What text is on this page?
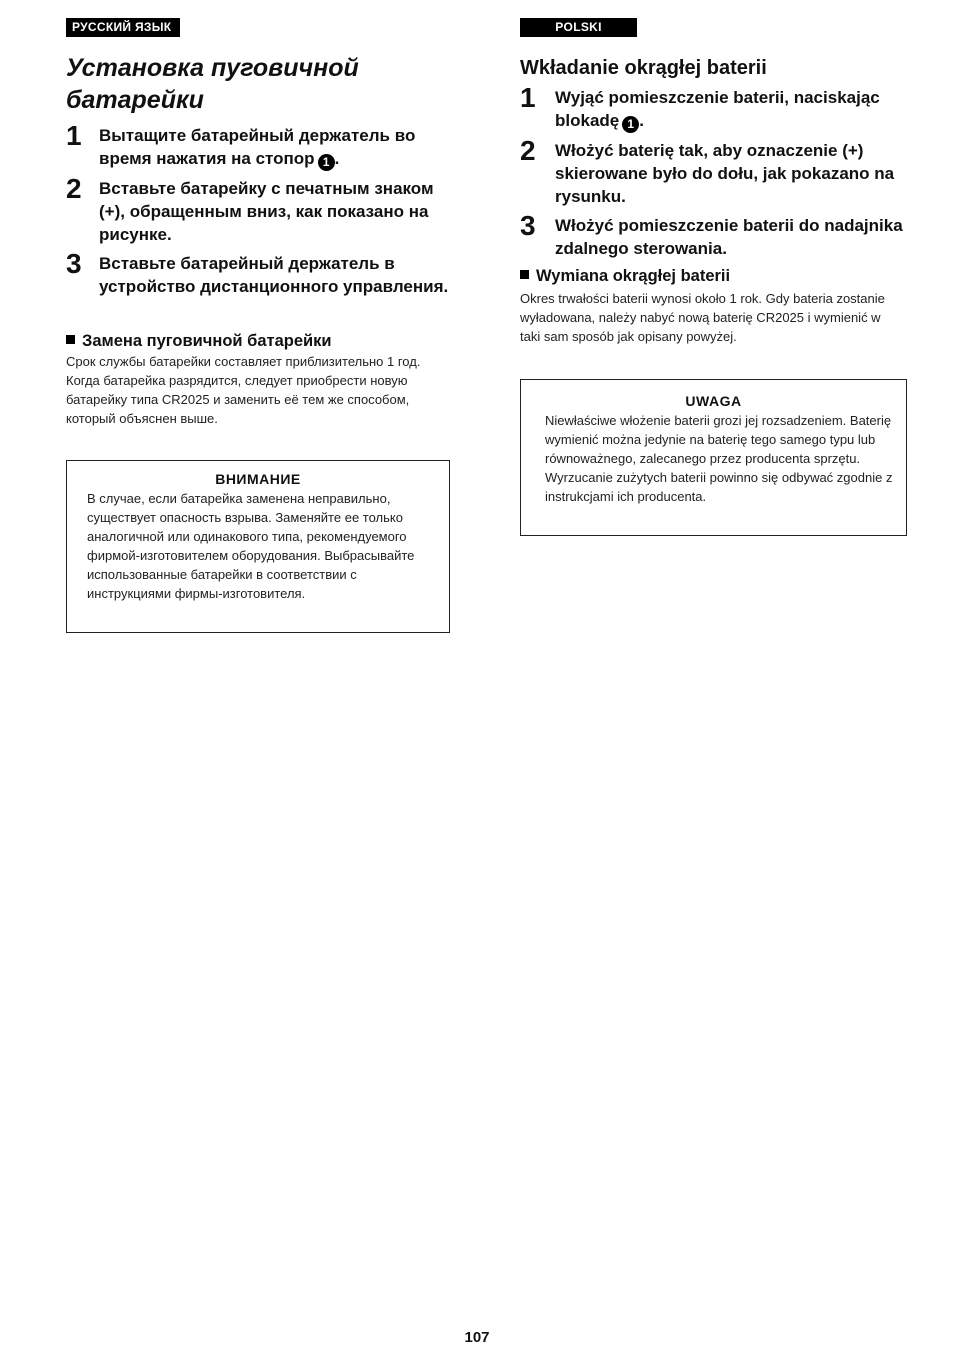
РУССКИЙ ЯЗЫК
Установка пуговичной батарейки
1 Вытащите батарейный держатель во время нажатия на стопор 1 .
2 Вставьте батарейку с печатным знаком (+), обращенным вниз, как показано на рисунке.
3 Вставьте батарейный держатель в устройство дистанционного управления.
Замена пуговичной батарейки

Срок службы батарейки составляет приблизительно 1 год. Когда батарейка разрядится, следует приобрести новую батарейку типа CR2025 и заменить её тем же способом, который объяснен выше.

ВНИМАНИЕ

В случае, если батарейка заменена неправильно, существует опасность взрыва. Заменяйте ее только аналогичной или одинакового типа, рекомендуемого фирмой-изготовителем оборудования. Выбрасывайте использованные батарейки в соответствии с инструкциями фирмы-изготовителя.

POLSKI
Wkładanie okrągłej baterii
1 Wyjąć pomieszczenie baterii, naciskając blokadę 1 .
2 Włożyć baterię tak, aby oznaczenie (+) skierowane było do dołu, jak pokazano na rysunku.
3 Włożyć pomieszczenie baterii do nadajnika zdalnego sterowania.
Wymiana okrągłej baterii

Okres trwałości baterii wynosi około 1 rok. Gdy bateria zostanie wyładowana, należy nabyć nową baterię CR2025 i wymienić w taki sam sposób jak opisany powyżej.

UWAGA

Niewłaściwe włożenie baterii grozi jej rozsadzeniem. Baterię wymienić można jedynie na baterię tego samego typu lub równoważnego, zalecanego przez producenta sprzętu. Wyrzucanie zużytych baterii powinno się odbywać zgodnie z instrukcjami ich producenta.

107
